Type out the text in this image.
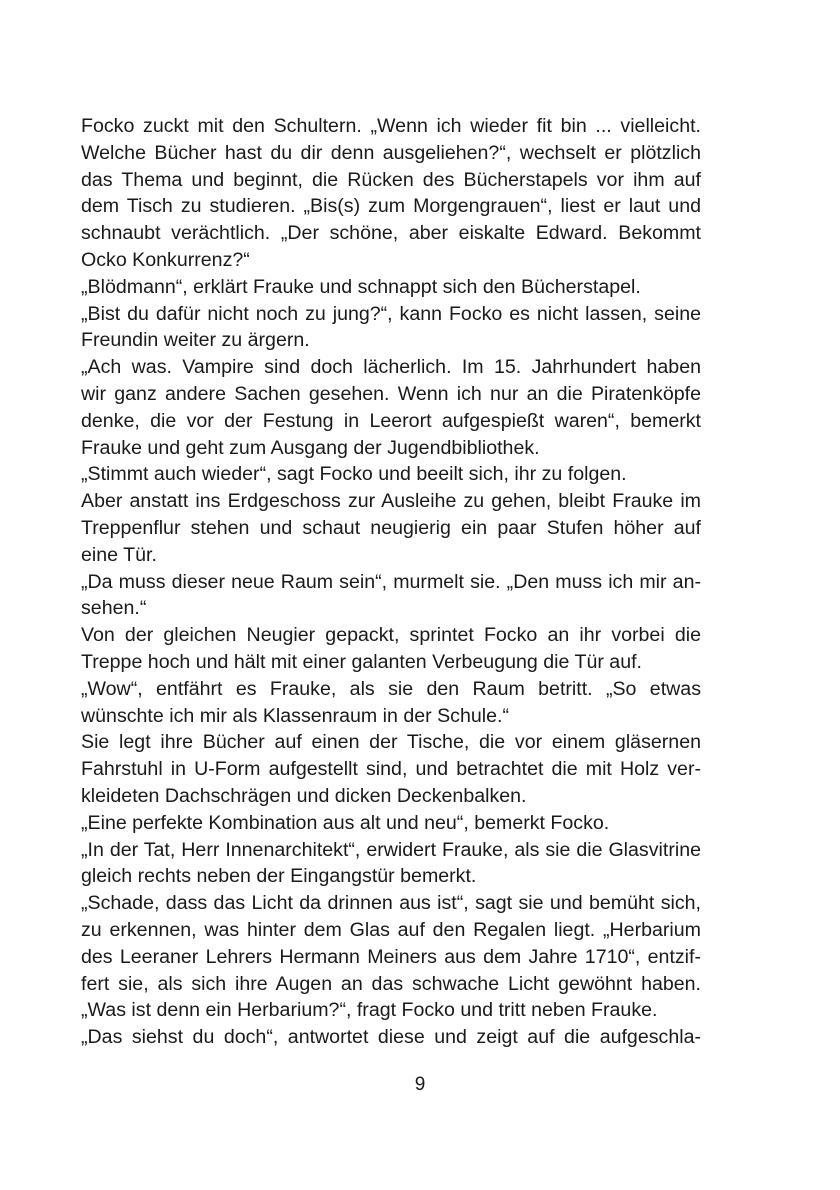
Focko zuckt mit den Schultern. „Wenn ich wieder fit bin ... vielleicht.
Welche Bücher hast du dir denn ausgeliehen?“, wechselt er plötzlich
das Thema und beginnt, die Rücken des Bücherstapels vor ihm auf
dem Tisch zu studieren. „Bis(s) zum Morgengrauen“, liest er laut und
schnaubt verächtlich. „Der schöne, aber eiskalte Edward. Bekommt
Ocko Konkurrenz?“
„Blödmann“, erklärt Frauke und schnappt sich den Bücherstapel.
„Bist du dafür nicht noch zu jung?“, kann Focko es nicht lassen, seine
Freundin weiter zu ärgern.
„Ach was. Vampire sind doch lächerlich. Im 15. Jahrhundert haben
wir ganz andere Sachen gesehen. Wenn ich nur an die Piratenköpfe
denke, die vor der Festung in Leerort aufgespießt waren“, bemerkt
Frauke und geht zum Ausgang der Jugendbibliothek.
„Stimmt auch wieder“, sagt Focko und beeilt sich, ihr zu folgen.
Aber anstatt ins Erdgeschoss zur Ausleihe zu gehen, bleibt Frauke im
Treppenflur stehen und schaut neugierig ein paar Stufen höher auf
eine Tür.
„Da muss dieser neue Raum sein“, murmelt sie. „Den muss ich mir an-
sehen.“
Von der gleichen Neugier gepackt, sprintet Focko an ihr vorbei die
Treppe hoch und hält mit einer galanten Verbeugung die Tür auf.
„Wow“, entfährt es Frauke, als sie den Raum betritt. „So etwas
wünschte ich mir als Klassenraum in der Schule.“
Sie legt ihre Bücher auf einen der Tische, die vor einem gläsernen
Fahrstuhl in U-Form aufgestellt sind, und betrachtet die mit Holz ver-
kleideten Dachschrägen und dicken Deckenbalken.
„Eine perfekte Kombination aus alt und neu“, bemerkt Focko.
„In der Tat, Herr Innenarchitekt“, erwidert Frauke, als sie die Glasvitrine
gleich rechts neben der Eingangstür bemerkt.
„Schade, dass das Licht da drinnen aus ist“, sagt sie und bemüht sich,
zu erkennen, was hinter dem Glas auf den Regalen liegt. „Herbarium
des Leeraner Lehrers Hermann Meiners aus dem Jahre 1710“, entzif-
fert sie, als sich ihre Augen an das schwache Licht gewöhnt haben.
„Was ist denn ein Herbarium?“, fragt Focko und tritt neben Frauke.
„Das siehst du doch“, antwortet diese und zeigt auf die aufgeschla-
9
